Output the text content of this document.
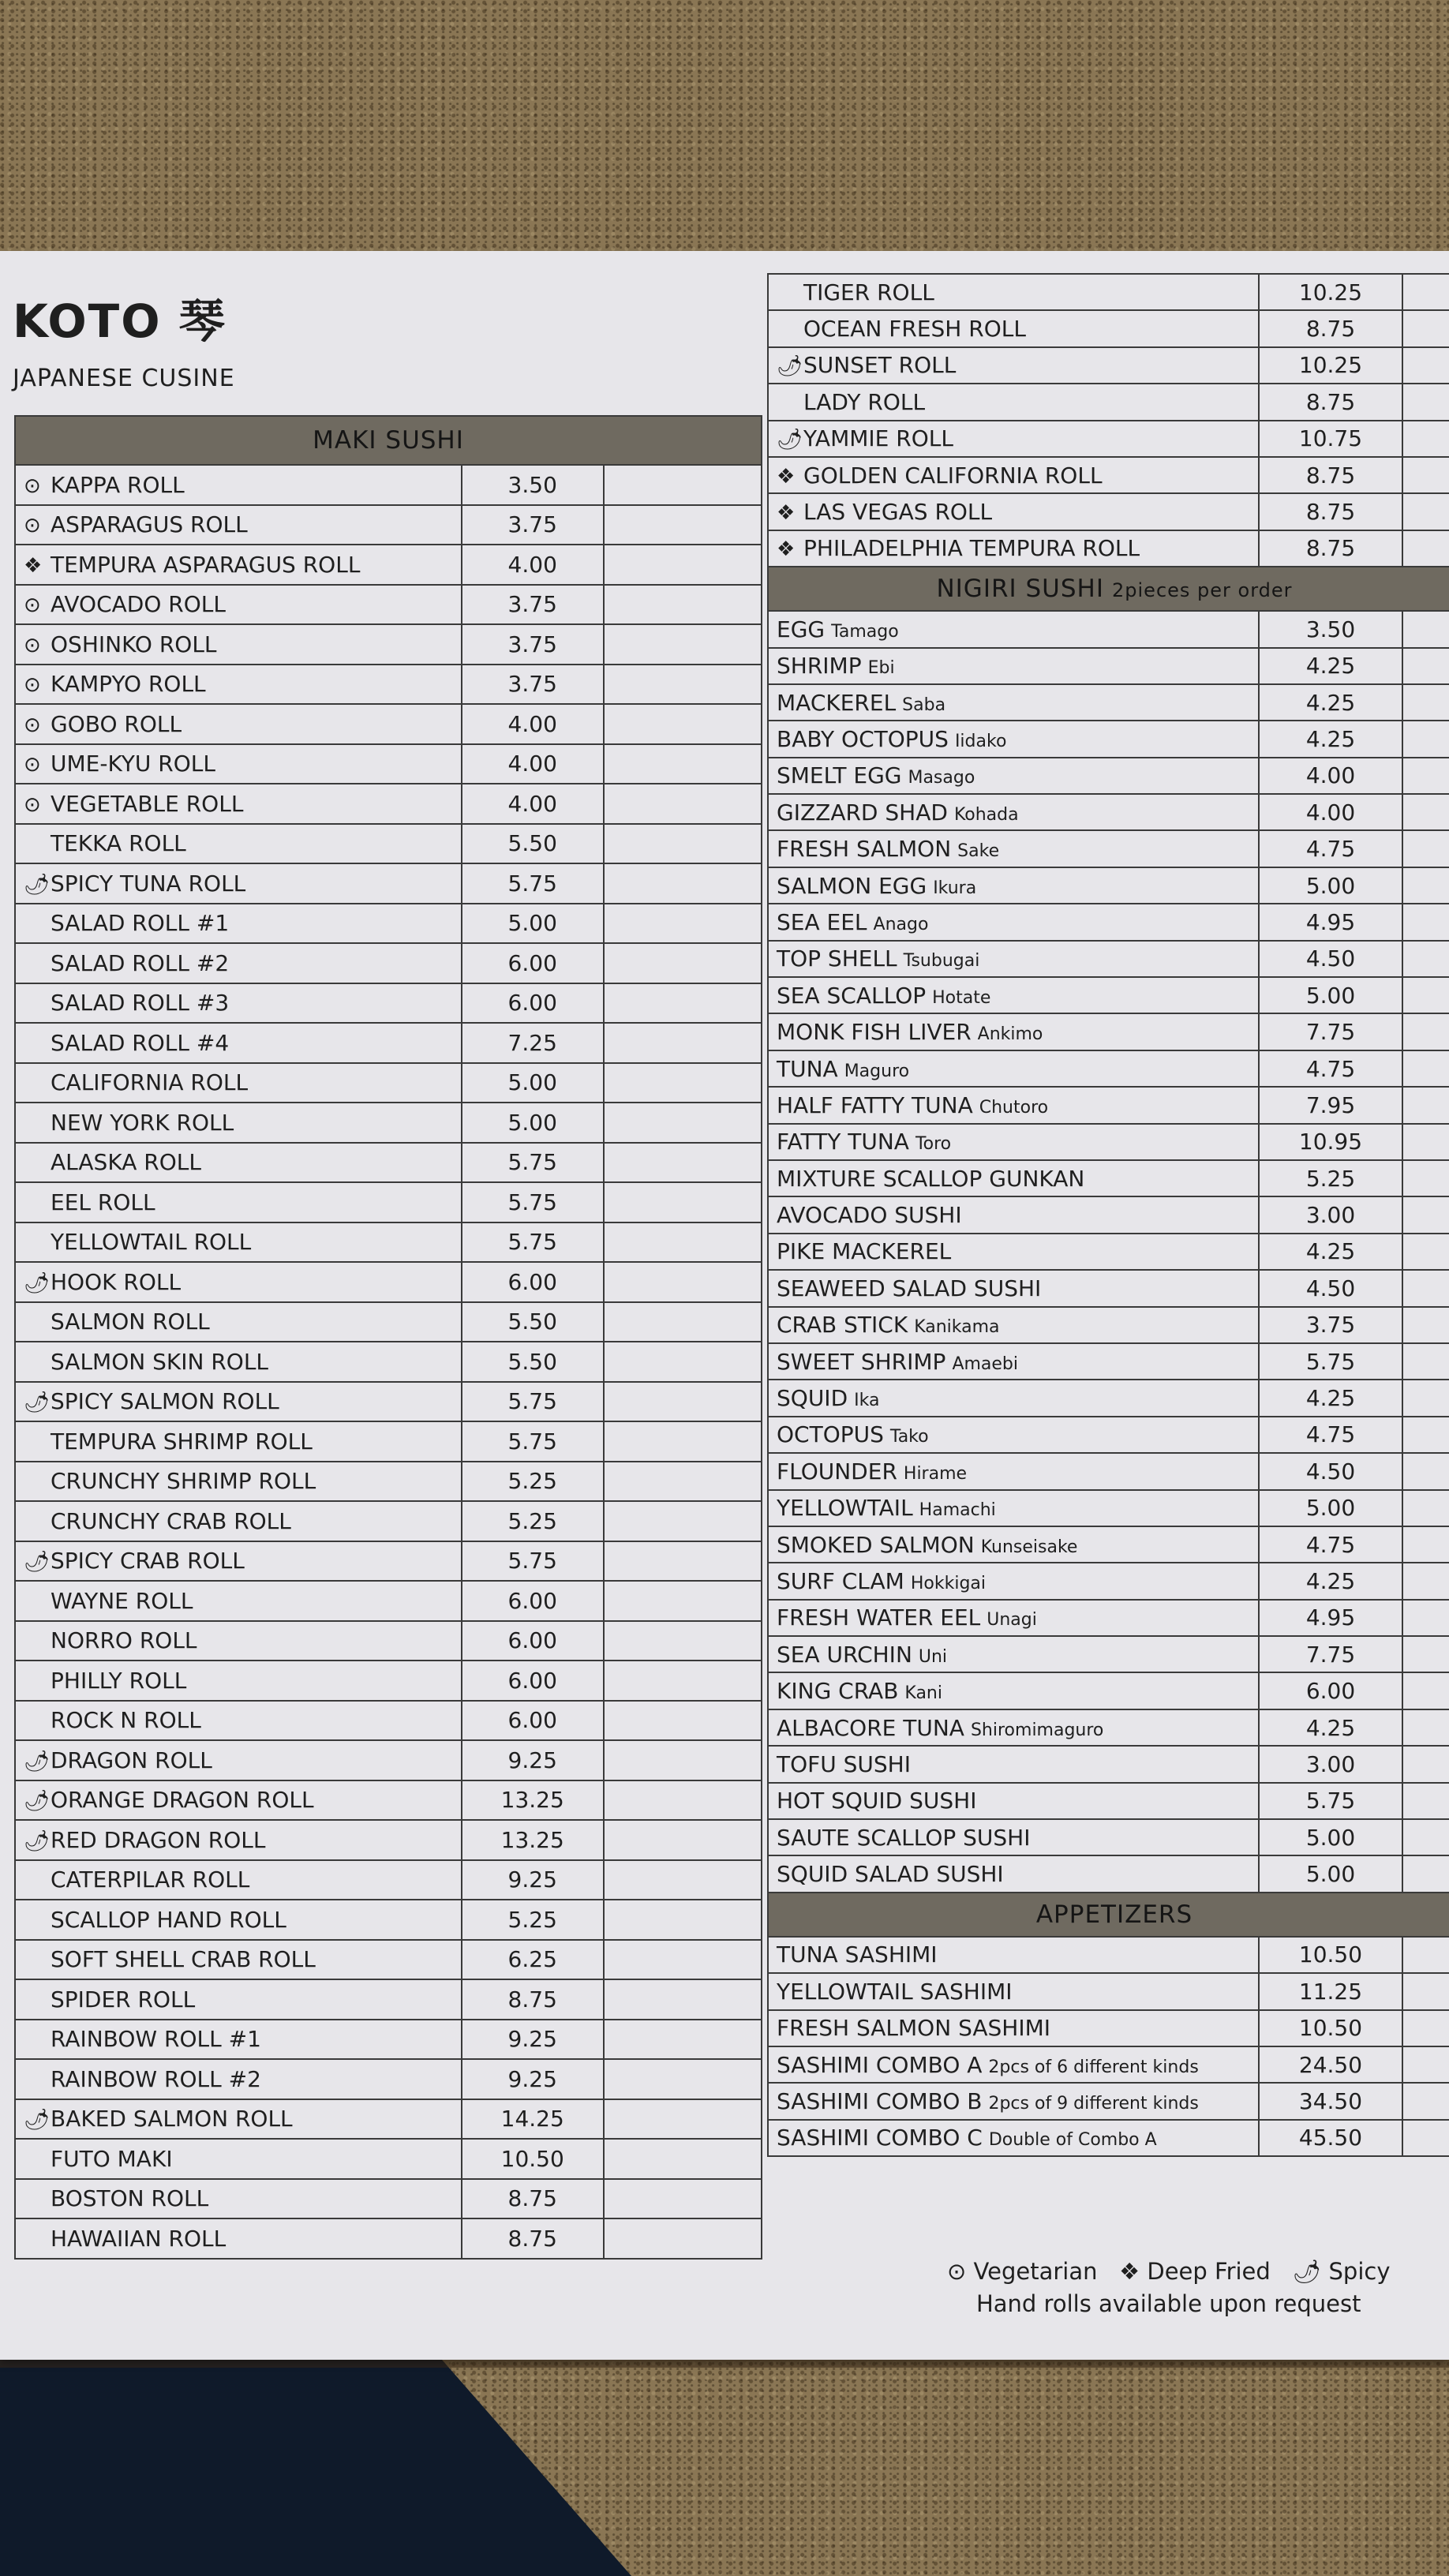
KOTO 琴
JAPANESE CUSINE
MAKI SUSHI		
⊙ KAPPA ROLL	3.50	
⊙ ASPARAGUS ROLL	3.75	
❖ TEMPURA ASPARAGUS ROLL	4.00	
⊙ AVOCADO ROLL	3.75	
⊙ OSHINKO ROLL	3.75	
⊙ KAMPYO ROLL	3.75	
⊙ GOBO ROLL	4.00	
⊙ UME-KYU ROLL	4.00	
⊙ VEGETABLE ROLL	4.00	
TEKKA ROLL	5.50	
🌶SPICY TUNA ROLL	5.75	
SALAD ROLL #1	5.00	
SALAD ROLL #2	6.00	
SALAD ROLL #3	6.00	
SALAD ROLL #4	7.25	
CALIFORNIA ROLL	5.00	
NEW YORK ROLL	5.00	
ALASKA ROLL	5.75	
EEL ROLL	5.75	
YELLOWTAIL ROLL	5.75	
🌶HOOK ROLL	6.00	
SALMON ROLL	5.50	
SALMON SKIN ROLL	5.50	
🌶SPICY SALMON ROLL	5.75	
TEMPURA SHRIMP ROLL	5.75	
CRUNCHY SHRIMP ROLL	5.25	
CRUNCHY CRAB ROLL	5.25	
🌶SPICY CRAB ROLL	5.75	
WAYNE ROLL	6.00	
NORRO ROLL	6.00	
PHILLY ROLL	6.00	
ROCK N ROLL	6.00	
🌶DRAGON ROLL	9.25	
🌶ORANGE DRAGON ROLL	13.25	
🌶RED DRAGON ROLL	13.25	
CATERPILAR ROLL	9.25	
SCALLOP HAND ROLL	5.25	
SOFT SHELL CRAB ROLL	6.25	
SPIDER ROLL	8.75	
RAINBOW ROLL #1	9.25	
RAINBOW ROLL #2	9.25	
🌶BAKED SALMON ROLL	14.25	
FUTO MAKI	10.50	
BOSTON ROLL	8.75	
HAWAIIAN ROLL	8.75	
TIGER ROLL	10.25	
OCEAN FRESH ROLL	8.75	
🌶SUNSET ROLL	10.25	
LADY ROLL	8.75	
🌶YAMMIE ROLL	10.75	
❖ GOLDEN CALIFORNIA ROLL	8.75	
❖ LAS VEGAS ROLL	8.75	
❖ PHILADELPHIA TEMPURA ROLL	8.75	
NIGIRI SUSHI 2pieces per order		
EGG Tamago	3.50	
SHRIMP Ebi	4.25	
MACKEREL Saba	4.25	
BABY OCTOPUS Iidako	4.25	
SMELT EGG Masago	4.00	
GIZZARD SHAD Kohada	4.00	
FRESH SALMON Sake	4.75	
SALMON EGG Ikura	5.00	
SEA EEL Anago	4.95	
TOP SHELL Tsubugai	4.50	
SEA SCALLOP Hotate	5.00	
MONK FISH LIVER Ankimo	7.75	
TUNA Maguro	4.75	
HALF FATTY TUNA Chutoro	7.95	
FATTY TUNA Toro	10.95	
MIXTURE SCALLOP GUNKAN	5.25	
AVOCADO SUSHI	3.00	
PIKE MACKEREL	4.25	
SEAWEED SALAD SUSHI	4.50	
CRAB STICK Kanikama	3.75	
SWEET SHRIMP Amaebi	5.75	
SQUID Ika	4.25	
OCTOPUS Tako	4.75	
FLOUNDER Hirame	4.50	
YELLOWTAIL Hamachi	5.00	
SMOKED SALMON Kunseisake	4.75	
SURF CLAM Hokkigai	4.25	
FRESH WATER EEL Unagi	4.95	
SEA URCHIN Uni	7.75	
KING CRAB Kani	6.00	
ALBACORE TUNA Shiromimaguro	4.25	
TOFU SUSHI	3.00	
HOT SQUID SUSHI	5.75	
SAUTE SCALLOP SUSHI	5.00	
SQUID SALAD SUSHI	5.00	
APPETIZERS		
TUNA SASHIMI	10.50	
YELLOWTAIL SASHIMI	11.25	
FRESH SALMON SASHIMI	10.50	
SASHIMI COMBO A 2pcs of 6 different kinds	24.50	
SASHIMI COMBO B 2pcs of 9 different kinds	34.50	
SASHIMI COMBO C Double of Combo A	45.50	
⊙ Vegetarian ❖ Deep Fried 🌶 Spicy
Hand rolls available upon request
